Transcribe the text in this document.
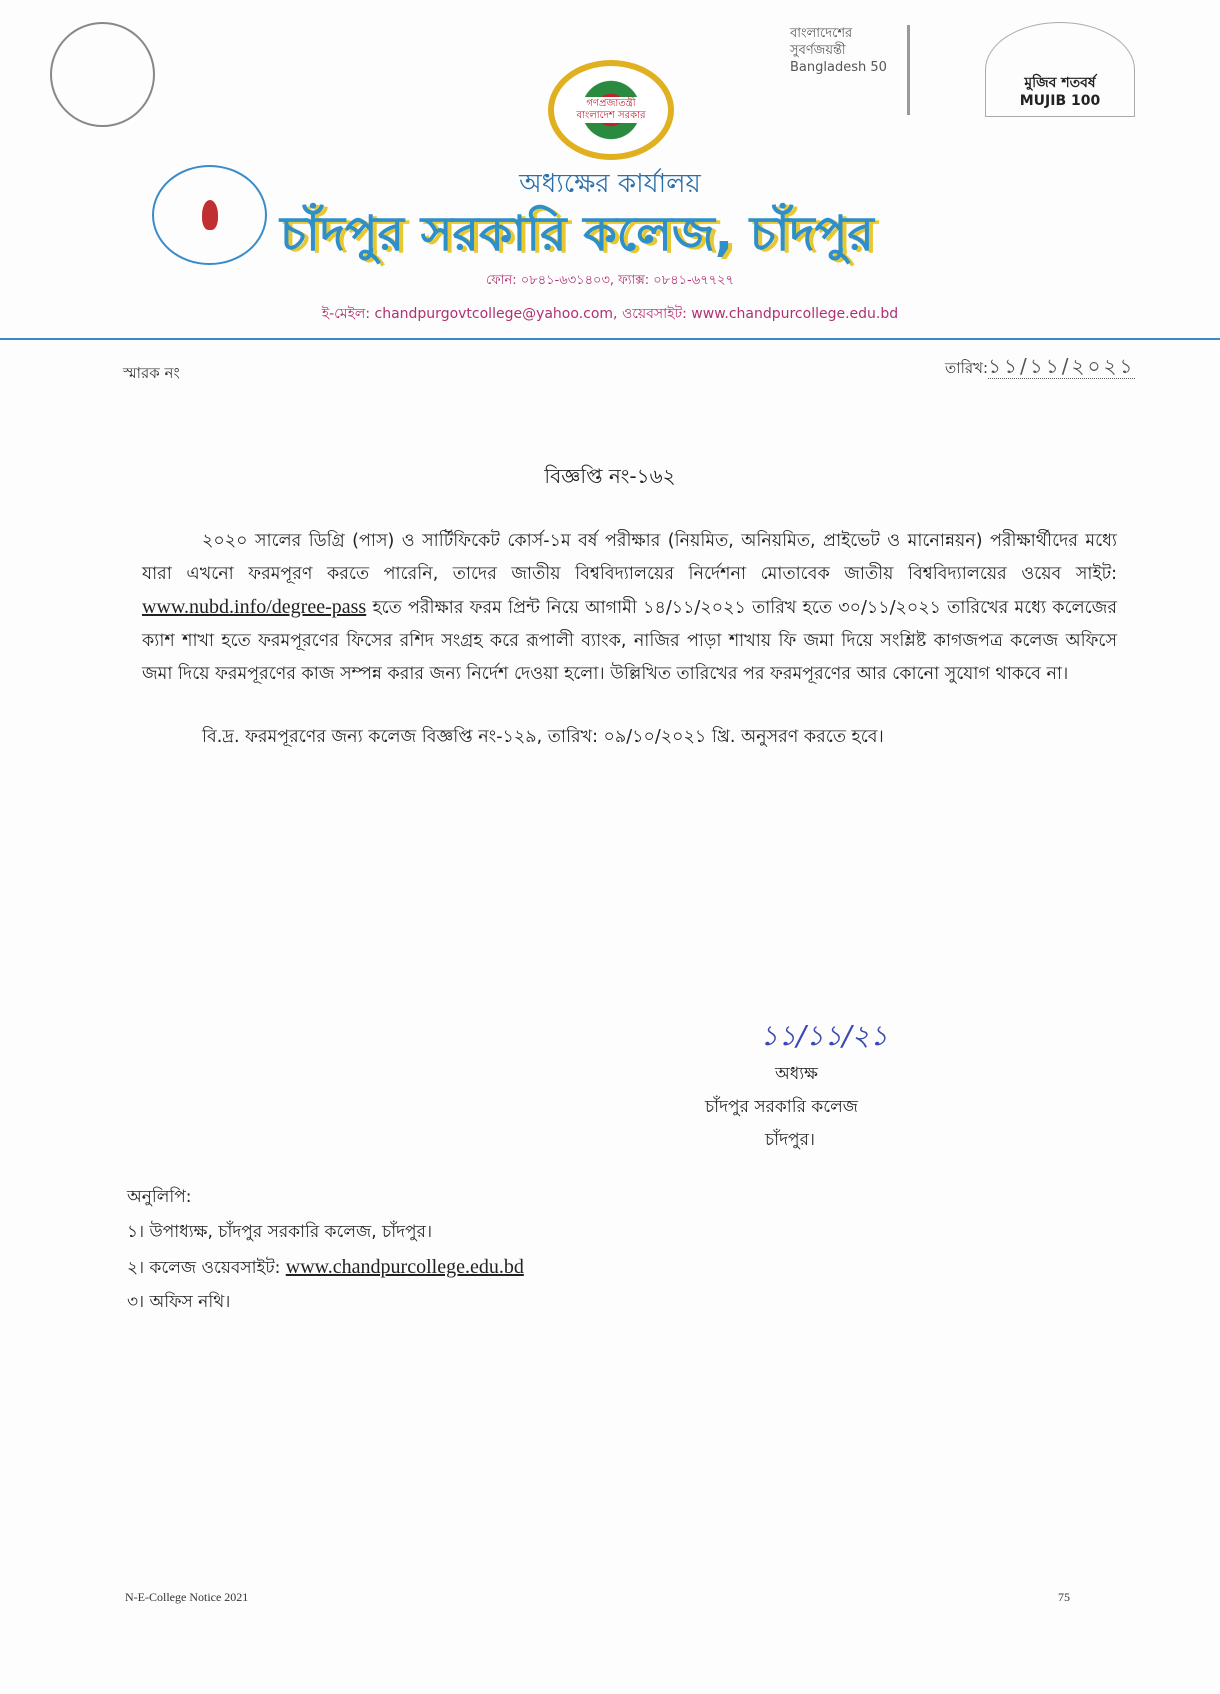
গণপ্রজাতন্ত্রী বাংলাদেশ সরকার
বাংলাদেশের সুবর্ণজয়ন্তী Bangladesh 50
মুজিব শতবর্ষ MUJIB 100
অধ্যক্ষের কার্যালয়
চাঁদপুর সরকারি কলেজ, চাঁদপুর
ফোন: ০৮৪১-৬৩১৪০৩, ফ্যাক্স: ০৮৪১-৬৭৭২৭
ই-মেইল: chandpurgovtcollege@yahoo.com, ওয়েবসাইট: www.chandpurcollege.edu.bd
স্মারক নং	তারিখ:১১/১১/২০২১
বিজ্ঞপ্তি নং-১৬২

২০২০ সালের ডিগ্রি (পাস) ও সার্টিফিকেট কোর্স-১ম বর্ষ পরীক্ষার (নিয়মিত, অনিয়মিত, প্রাইভেট ও মানোন্নয়ন) পরীক্ষার্থীদের মধ্যে যারা এখনো ফরমপূরণ করতে পারেনি, তাদের জাতীয় বিশ্ববিদ্যালয়ের নির্দেশনা মোতাবেক জাতীয় বিশ্ববিদ্যালয়ের ওয়েব সাইট: www.nubd.info/degree-pass হতে পরীক্ষার ফরম প্রিন্ট নিয়ে আগামী ১৪/১১/২০২১ তারিখ হতে ৩০/১১/২০২১ তারিখের মধ্যে কলেজের ক্যাশ শাখা হতে ফরমপূরণের ফিসের রশিদ সংগ্রহ করে রূপালী ব্যাংক, নাজির পাড়া শাখায় ফি জমা দিয়ে সংশ্লিষ্ট কাগজপত্র কলেজ অফিসে জমা দিয়ে ফরমপূরণের কাজ সম্পন্ন করার জন্য নির্দেশ দেওয়া হলো। উল্লিখিত তারিখের পর ফরমপূরণের আর কোনো সুযোগ থাকবে না।

বি.দ্র. ফরমপূরণের জন্য কলেজ বিজ্ঞপ্তি নং-১২৯, তারিখ: ০৯/১০/২০২১ খ্রি. অনুসরণ করতে হবে।

১১/১১/২১
অধ্যক্ষ
চাঁদপুর সরকারি কলেজ
চাঁদপুর।
অনুলিপি:
১। উপাধ্যক্ষ, চাঁদপুর সরকারি কলেজ, চাঁদপুর।
২। কলেজ ওয়েবসাইট: www.chandpurcollege.edu.bd
৩। অফিস নথি।
N-E-College Notice 2021	75
